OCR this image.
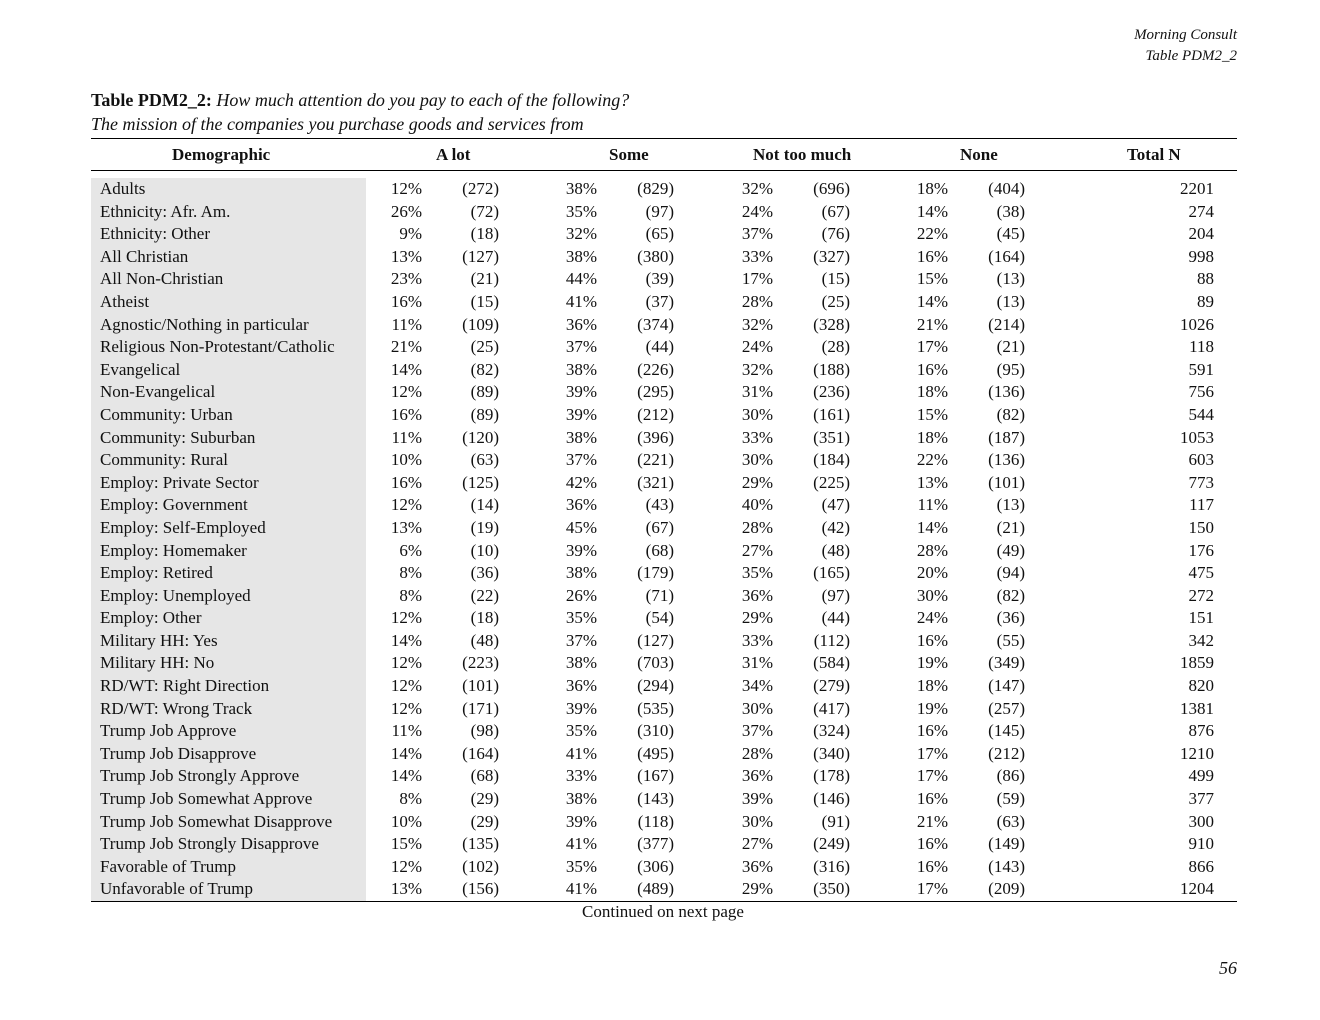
Morning Consult
Table PDM2_2
Table PDM2_2: How much attention do you pay to each of the following?
The mission of the companies you purchase goods and services from
Demographic	A lot	Some	Not too much	None	Total N
Adults	12% (272)	38% (829)	32% (696)	18% (404)	2201
Ethnicity: Afr. Am.	26%	(72)	35%	(97)	24%	(67)	14%	(38)	274
Ethnicity: Other	9%	(18)	32%	(65)	37%	(76)	22%	(45)	204
All Christian	13% (127)	38% (380)	33% (327)	16% (164)	998
All Non-Christian	23%	(21)	44%	(39)	17%	(15)	15%	(13)	88
Atheist	16%	(15)	41%	(37)	28%	(25)	14%	(13)	89
Agnostic/Nothing in particular	11% (109)	36% (374)	32% (328)	21% (214)	1026
Religious Non-Protestant/Catholic	21%	(25)	37%	(44)	24%	(28)	17%	(21)	118
Evangelical	14%	(82)	38% (226)	32% (188)	16%	(95)	591
Non-Evangelical	12%	(89)	39% (295)	31% (236)	18% (136)	756
Community: Urban	16%	(89)	39% (212)	30% (161)	15%	(82)	544
Community: Suburban	11% (120)	38% (396)	33% (351)	18% (187)	1053
Community: Rural	10%	(63)	37% (221)	30% (184)	22% (136)	603
Employ: Private Sector	16% (125)	42% (321)	29% (225)	13% (101)	773
Employ: Government	12%	(14)	36%	(43)	40%	(47)	11%	(13)	117
Employ: Self-Employed	13%	(19)	45%	(67)	28%	(42)	14%	(21)	150
Employ: Homemaker	6%	(10)	39%	(68)	27%	(48)	28%	(49)	176
Employ: Retired	8%	(36)	38% (179)	35% (165)	20%	(94)	475
Employ: Unemployed	8%	(22)	26%	(71)	36%	(97)	30%	(82)	272
Employ: Other	12%	(18)	35%	(54)	29%	(44)	24%	(36)	151
Military HH: Yes	14%	(48)	37% (127)	33% (112)	16%	(55)	342
Military HH: No	12% (223)	38% (703)	31% (584)	19% (349)	1859
RD/WT: Right Direction	12% (101)	36% (294)	34% (279)	18% (147)	820
RD/WT: Wrong Track	12% (171)	39% (535)	30% (417)	19% (257)	1381
Trump Job Approve	11%	(98)	35% (310)	37% (324)	16% (145)	876
Trump Job Disapprove	14% (164)	41% (495)	28% (340)	17% (212)	1210
Trump Job Strongly Approve	14%	(68)	33% (167)	36% (178)	17%	(86)	499
Trump Job Somewhat Approve	8%	(29)	38% (143)	39% (146)	16%	(59)	377
Trump Job Somewhat Disapprove	10%	(29)	39% (118)	30%	(91)	21%	(63)	300
Trump Job Strongly Disapprove	15% (135)	41% (377)	27% (249)	16% (149)	910
Favorable of Trump	12% (102)	35% (306)	36% (316)	16% (143)	866
Unfavorable of Trump	13% (156)	41% (489)	29% (350)	17% (209)	1204
Continued on next page
56
